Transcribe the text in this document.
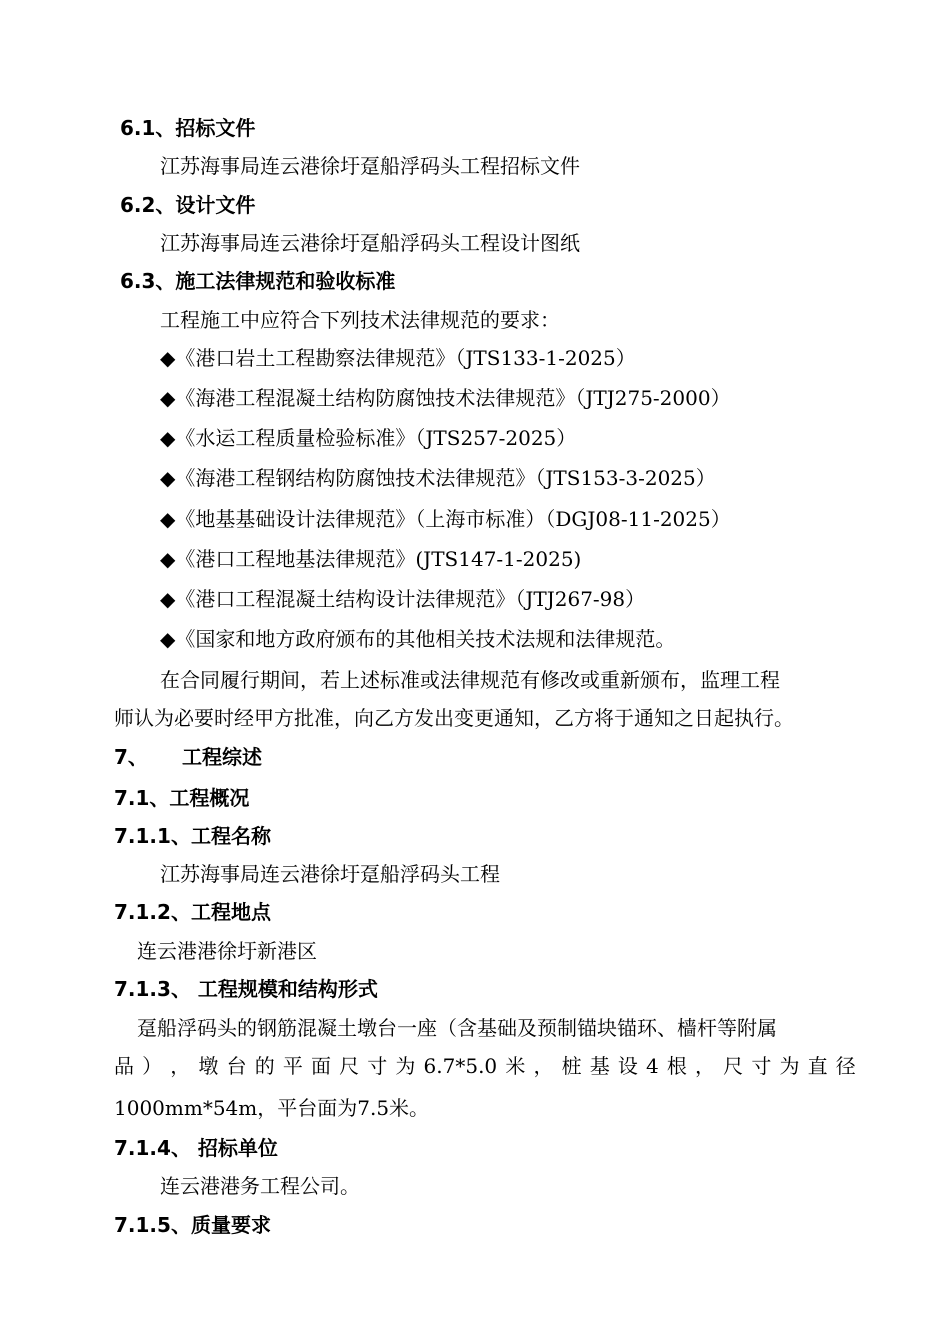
6.1、招标文件
江苏海事局连云港徐圩趸船浮码头工程招标文件
6.2、设计文件
江苏海事局连云港徐圩趸船浮码头工程设计图纸
6.3、施工法律规范和验收标准
工程施工中应符合下列技术法律规范的要求：
◆《港口岩土工程勘察法律规范》（JTS133-1-2025）
◆《海港工程混凝土结构防腐蚀技术法律规范》（JTJ275-2000）
◆《水运工程质量检验标准》（JTS257-2025）
◆《海港工程钢结构防腐蚀技术法律规范》（JTS153-3-2025）
◆《地基基础设计法律规范》（上海市标准）（DGJ08-11-2025）
◆《港口工程地基法律规范》(JTS147-1-2025)
◆《港口工程混凝土结构设计法律规范》（JTJ267-98）
◆《国家和地方政府颁布的其他相关技术法规和法律规范。
在合同履行期间，若上述标准或法律规范有修改或重新颁布，监理工程
师认为必要时经甲方批准，向乙方发出变更通知，乙方将于通知之日起执行。
7、 工程综述
7.1、工程概况
7.1.1、工程名称
江苏海事局连云港徐圩趸船浮码头工程
7.1.2、工程地点
连云港港徐圩新港区
7.1.3、 工程规模和结构形式
趸船浮码头的钢筋混凝土墩台一座（含基础及预制锚块锚环、樯杆等附属
品 ） ， 墩 台 的 平 面 尺 寸 为 6.7*5.0 米 ， 桩 基 设 4 根 ， 尺 寸 为 直 径
1000mm*54m，平台面为7.5米。
7.1.4、 招标单位
连云港港务工程公司。
7.1.5、质量要求
